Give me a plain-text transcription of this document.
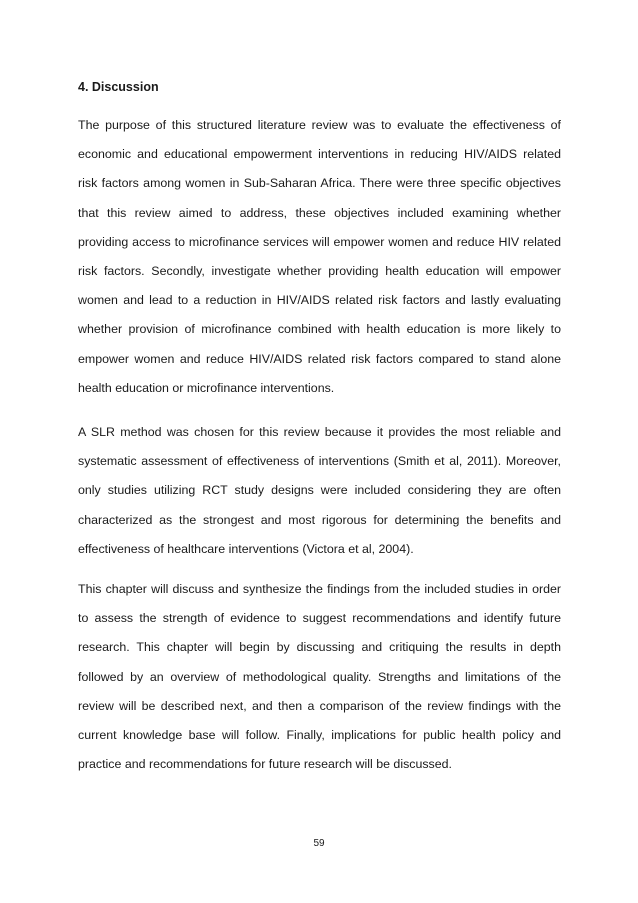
4. Discussion

The purpose of this structured literature review was to evaluate the effectiveness of economic and educational empowerment interventions in reducing HIV/AIDS related risk factors among women in Sub-Saharan Africa. There were three specific objectives that this review aimed to address, these objectives included examining whether providing access to microfinance services will empower women and reduce HIV related risk factors. Secondly, investigate whether providing health education will empower women and lead to a reduction in HIV/AIDS related risk factors and lastly evaluating whether provision of microfinance combined with health education is more likely to empower women and reduce HIV/AIDS related risk factors compared to stand alone health education or microfinance interventions.

A SLR method was chosen for this review because it provides the most reliable and systematic assessment of effectiveness of interventions (Smith et al, 2011). Moreover, only studies utilizing RCT study designs were included considering they are often characterized as the strongest and most rigorous for determining the benefits and effectiveness of healthcare interventions (Victora et al, 2004).

This chapter will discuss and synthesize the findings from the included studies in order to assess the strength of evidence to suggest recommendations and identify future research. This chapter will begin by discussing and critiquing the results in depth followed by an overview of methodological quality. Strengths and limitations of the review will be described next, and then a comparison of the review findings with the current knowledge base will follow. Finally, implications for public health policy and practice and recommendations for future research will be discussed.

59
